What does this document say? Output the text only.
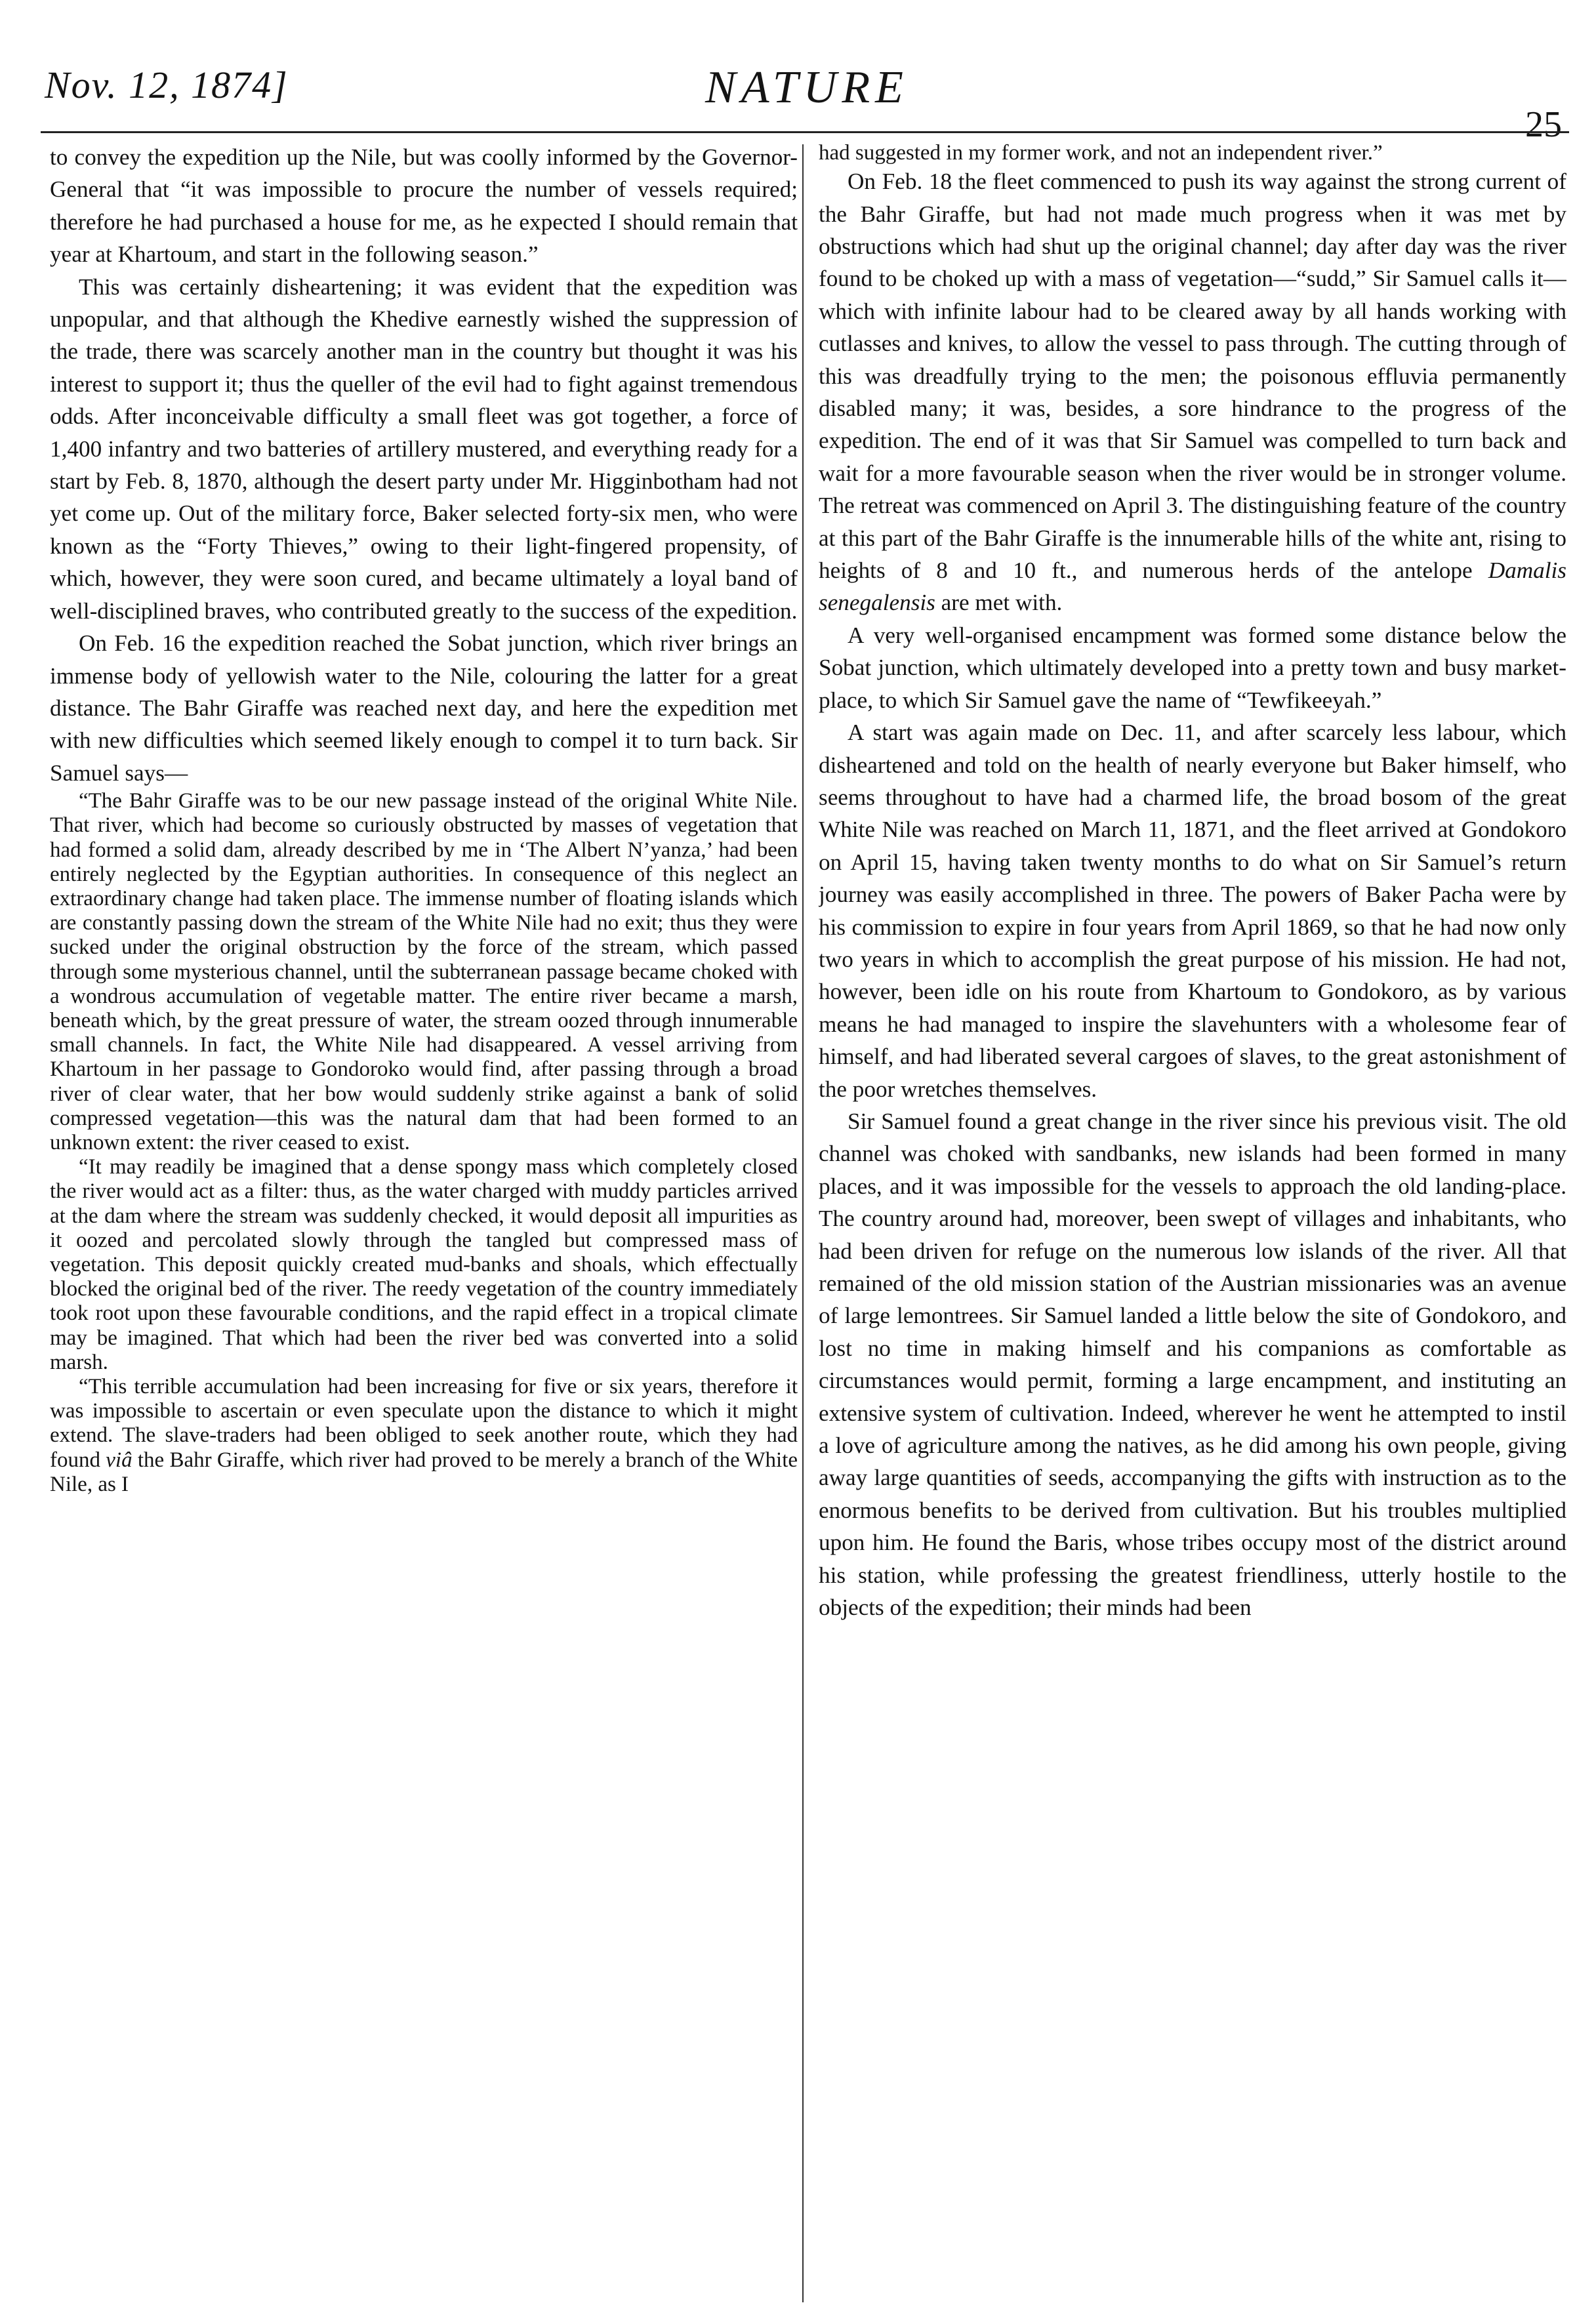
Nov. 12, 1874]	NATURE
25

to convey the expedition up the Nile, but was coolly informed by the Governor-General that “it was impossible to procure the number of vessels required; therefore he had purchased a house for me, as he expected I should remain that year at Khartoum, and start in the following season.”

This was certainly disheartening; it was evident that the expedition was unpopular, and that although the Khedive earnestly wished the suppression of the trade, there was scarcely another man in the country but thought it was his interest to support it; thus the queller of the evil had to fight against tremendous odds. After inconceivable difficulty a small fleet was got together, a force of 1,400 infantry and two batteries of artillery mustered, and everything ready for a start by Feb. 8, 1870, although the desert party under Mr. Higginbotham had not yet come up. Out of the military force, Baker selected forty-six men, who were known as the “Forty Thieves,” owing to their light-fingered propensity, of which, however, they were soon cured, and became ultimately a loyal band of well-disciplined braves, who contributed greatly to the success of the expedition.

On Feb. 16 the expedition reached the Sobat junction, which river brings an immense body of yellowish water to the Nile, colouring the latter for a great distance. The Bahr Giraffe was reached next day, and here the expedition met with new difficulties which seemed likely enough to compel it to turn back. Sir Samuel says—

“The Bahr Giraffe was to be our new passage instead of the original White Nile. That river, which had become so curiously obstructed by masses of vegetation that had formed a solid dam, already described by me in ‘The Albert N’yanza,’ had been entirely neglected by the Egyptian authorities. In consequence of this neglect an extraordinary change had taken place. The immense number of floating islands which are constantly passing down the stream of the White Nile had no exit; thus they were sucked under the original obstruction by the force of the stream, which passed through some mysterious channel, until the subterranean passage became choked with a wondrous accumulation of vegetable matter. The entire river became a marsh, beneath which, by the great pressure of water, the stream oozed through innumerable small channels. In fact, the White Nile had disappeared. A vessel arriving from Khartoum in her passage to Gondoroko would find, after passing through a broad river of clear water, that her bow would suddenly strike against a bank of solid compressed vegetation—this was the natural dam that had been formed to an unknown extent: the river ceased to exist.

“It may readily be imagined that a dense spongy mass which completely closed the river would act as a filter: thus, as the water charged with muddy particles arrived at the dam where the stream was suddenly checked, it would deposit all impurities as it oozed and percolated slowly through the tangled but compressed mass of vegetation. This deposit quickly created mud-banks and shoals, which effectually blocked the original bed of the river. The reedy vegetation of the country immediately took root upon these favourable conditions, and the rapid effect in a tropical climate may be imagined. That which had been the river bed was converted into a solid marsh.

“This terrible accumulation had been increasing for five or six years, therefore it was impossible to ascertain or even speculate upon the distance to which it might extend. The slave-traders had been obliged to seek another route, which they had found viâ the Bahr Giraffe, which river had proved to be merely a branch of the White Nile, as I

had suggested in my former work, and not an independent river.”

On Feb. 18 the fleet commenced to push its way against the strong current of the Bahr Giraffe, but had not made much progress when it was met by obstructions which had shut up the original channel; day after day was the river found to be choked up with a mass of vegetation—“sudd,” Sir Samuel calls it—which with infinite labour had to be cleared away by all hands working with cutlasses and knives, to allow the vessel to pass through. The cutting through of this was dreadfully trying to the men; the poisonous effluvia permanently disabled many; it was, besides, a sore hindrance to the progress of the expedition. The end of it was that Sir Samuel was compelled to turn back and wait for a more favourable season when the river would be in stronger volume. The retreat was commenced on April 3. The distinguishing feature of the country at this part of the Bahr Giraffe is the innumerable hills of the white ant, rising to heights of 8 and 10 ft., and numerous herds of the antelope Damalis senegalensis are met with.

A very well-organised encampment was formed some distance below the Sobat junction, which ultimately developed into a pretty town and busy market-place, to which Sir Samuel gave the name of “Tewfikeeyah.”

A start was again made on Dec. 11, and after scarcely less labour, which disheartened and told on the health of nearly everyone but Baker himself, who seems throughout to have had a charmed life, the broad bosom of the great White Nile was reached on March 11, 1871, and the fleet arrived at Gondokoro on April 15, having taken twenty months to do what on Sir Samuel’s return journey was easily accomplished in three. The powers of Baker Pacha were by his commission to expire in four years from April 1869, so that he had now only two years in which to accomplish the great purpose of his mission. He had not, however, been idle on his route from Khartoum to Gondokoro, as by various means he had managed to inspire the slavehunters with a wholesome fear of himself, and had liberated several cargoes of slaves, to the great astonishment of the poor wretches themselves.

Sir Samuel found a great change in the river since his previous visit. The old channel was choked with sandbanks, new islands had been formed in many places, and it was impossible for the vessels to approach the old landing-place. The country around had, moreover, been swept of villages and inhabitants, who had been driven for refuge on the numerous low islands of the river. All that remained of the old mission station of the Austrian missionaries was an avenue of large lemontrees. Sir Samuel landed a little below the site of Gondokoro, and lost no time in making himself and his companions as comfortable as circumstances would permit, forming a large encampment, and instituting an extensive system of cultivation. Indeed, wherever he went he attempted to instil a love of agriculture among the natives, as he did among his own people, giving away large quantities of seeds, accompanying the gifts with instruction as to the enormous benefits to be derived from cultivation. But his troubles multiplied upon him. He found the Baris, whose tribes occupy most of the district around his station, while professing the greatest friendliness, utterly hostile to the objects of the expedition; their minds had been
